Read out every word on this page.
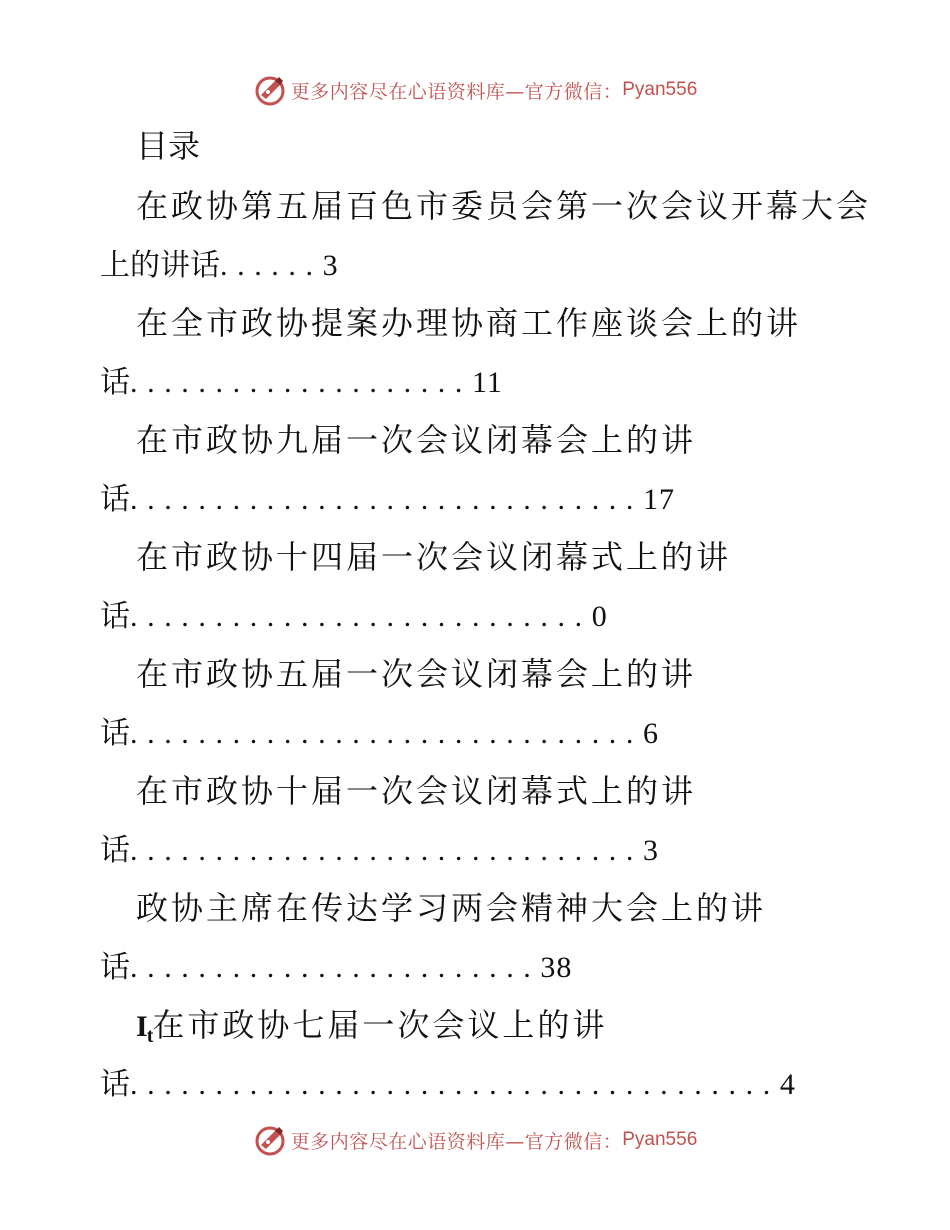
更多内容尽在心语资料库—官方微信： Pyan556
目录
在政协第五届百色市委员会第一次会议开幕大会
上的讲话......3
在全市政协提案办理协商工作座谈会上的讲
话....................11
在市政协九届一次会议闭幕会上的讲
话..............................17
在市政协十四届一次会议闭幕式上的讲
话...........................0
在市政协五届一次会议闭幕会上的讲
话..............................6
在市政协十届一次会议闭幕式上的讲
话..............................3
政协主席在传达学习两会精神大会上的讲
话........................38
$I_t$在市政协七届一次会议上的讲
话......................................4
更多内容尽在心语资料库—官方微信： Pyan556
